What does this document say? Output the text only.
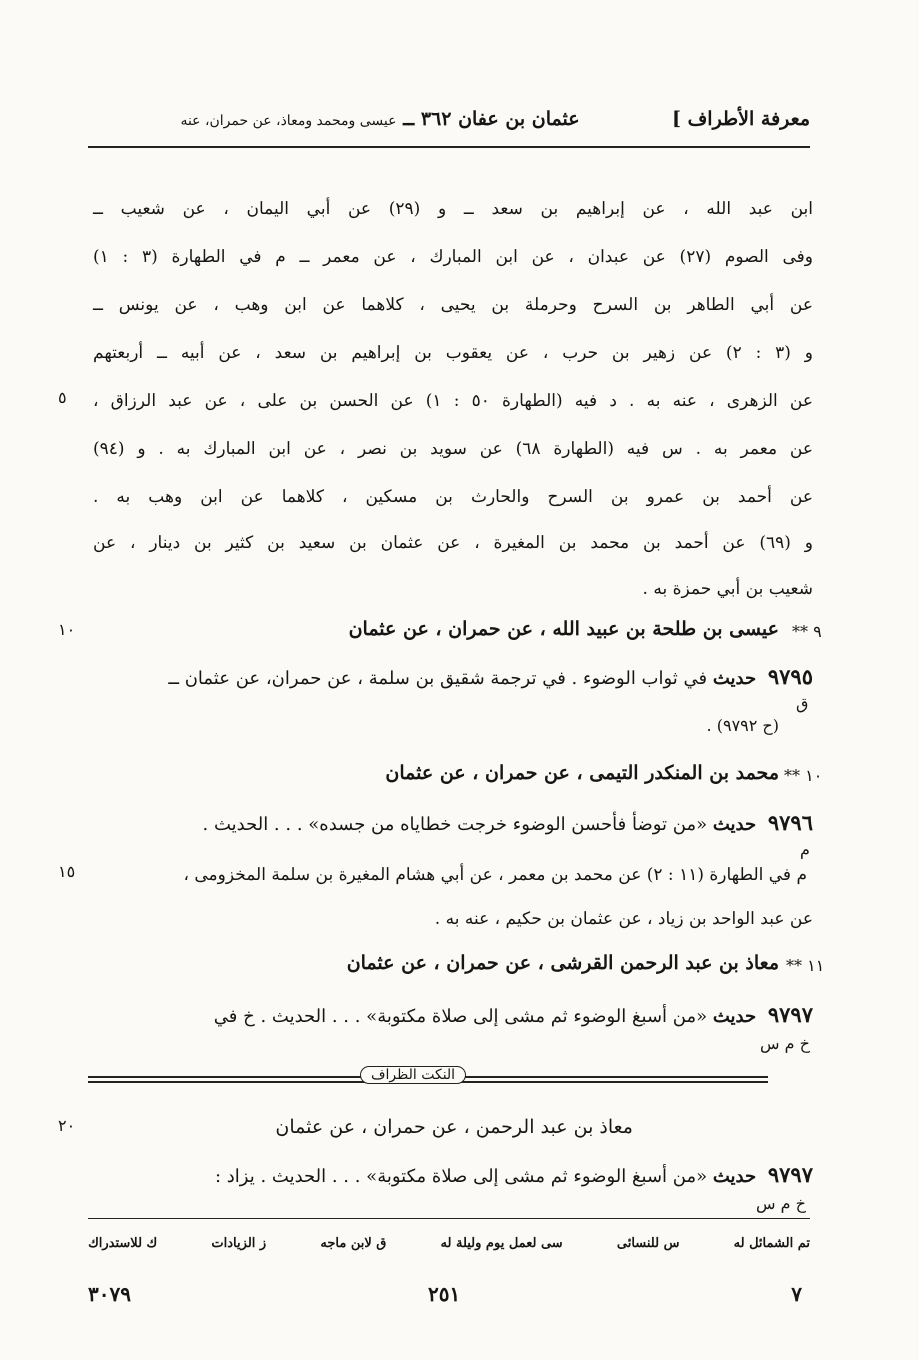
معرفة الأطراف ]
عثمان بن عفان ٣٦٢ ــ عيسى ومحمد ومعاذ، عن حمران، عنه
ابن عبد الله ، عن إبراهيم بن سعد ــ و (٢٩) عن أبي اليمان ، عن شعيب ــ
وفى الصوم (٢٧) عن عبدان ، عن ابن المبارك ، عن معمر ــ م في الطهارة (٣ : ١)
عن أبي الطاهر بن السرح وحرملة بن يحيى ، كلاهما عن ابن وهب ، عن يونس ــ
و (٣ : ٢) عن زهير بن حرب ، عن يعقوب بن إبراهيم بن سعد ، عن أبيه ــ أربعتهم
عن الزهرى ، عنه به . د فيه (الطهارة ٥٠ : ١) عن الحسن بن على ، عن عبد الرزاق ،
عن معمر به . س فيه (الطهارة ٦٨) عن سويد بن نصر ، عن ابن المبارك به . و (٩٤)
عن أحمد بن عمرو بن السرح والحارث بن مسكين ، كلاهما عن ابن وهب به .
و (٦٩) عن أحمد بن محمد بن المغيرة ، عن عثمان بن سعيد بن كثير بن دينار ، عن
شعيب بن أبي حمزة به .
٥
٩ **
عيسى بن طلحة بن عبيد الله ، عن حمران ، عن عثمان
١٠
٩٧٩٥ حديث في ثواب الوضوء . في ترجمة شقيق بن سلمة ، عن حمران، عن عثمان ــ
ق
(ح ٩٧٩٢) .
١٠ **
محمد بن المنكدر التيمى ، عن حمران ، عن عثمان
٩٧٩٦ حديث «من توضأ فأحسن الوضوء خرجت خطاياه من جسده» . . . الحديث .
م
م في الطهارة (١١ : ٢) عن محمد بن معمر ، عن أبي هشام المغيرة بن سلمة المخزومى ،
١٥
عن عبد الواحد بن زياد ، عن عثمان بن حكيم ، عنه به .
١١ **
معاذ بن عبد الرحمن القرشى ، عن حمران ، عن عثمان
٩٧٩٧ حديث «من أسبغ الوضوء ثم مشى إلى صلاة مكتوبة» . . . الحديث . خ في
خ م س
النكت الظراف
معاذ بن عبد الرحمن ، عن حمران ، عن عثمان
٢٠
٩٧٩٧ حديث «من أسبغ الوضوء ثم مشى إلى صلاة مكتوبة» . . . الحديث . يزاد :
خ م س
تم الشمائل له
س للنسائى
سى لعمل يوم وليلة له
ق لابن ماجه
ز الزيادات
ك للاستدراك
٧
٢٥١
٣٠٧٩
